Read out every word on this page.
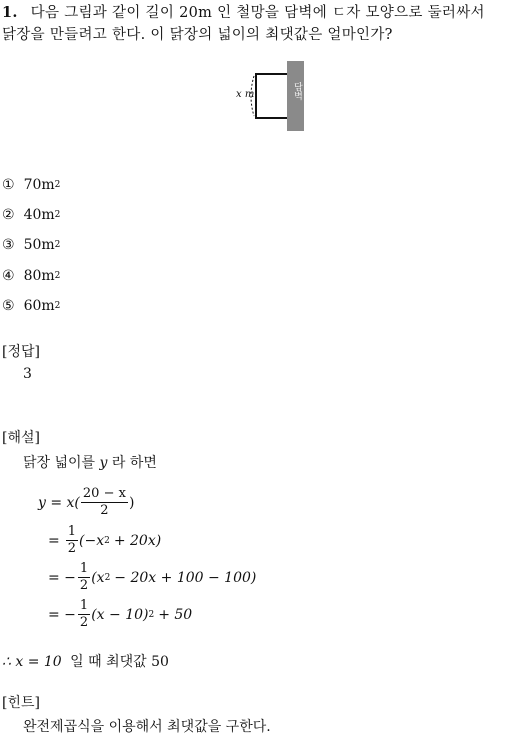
1. 다음 그림과 같이 길이 20m 인 철망을 담벽에 ㄷ자 모양으로 둘러싸서
닭장을 만들려고 한다. 이 닭장의 넓이의 최댓값은 얼마인가?
x m	담벽
① 70 m 2
② 40 m 2
③ 50 m 2
④ 80 m 2
⑤ 60 m 2
[정답]
3
[해설]
닭장 넓이를 y 라 하면
$y = x( \frac{20 - x}{2}$ )
= $\frac{1}{2} (-x$ 2 + 20x)
= − $\frac{1}{2} (x$ 2 − 20x + 100 − 100)
= − $\frac{1}{2} (x - 10) 2 + 50$
∴ x = 10 일 때 최댓값 50
[힌트]
완전제곱식을 이용해서 최댓값을 구한다.
